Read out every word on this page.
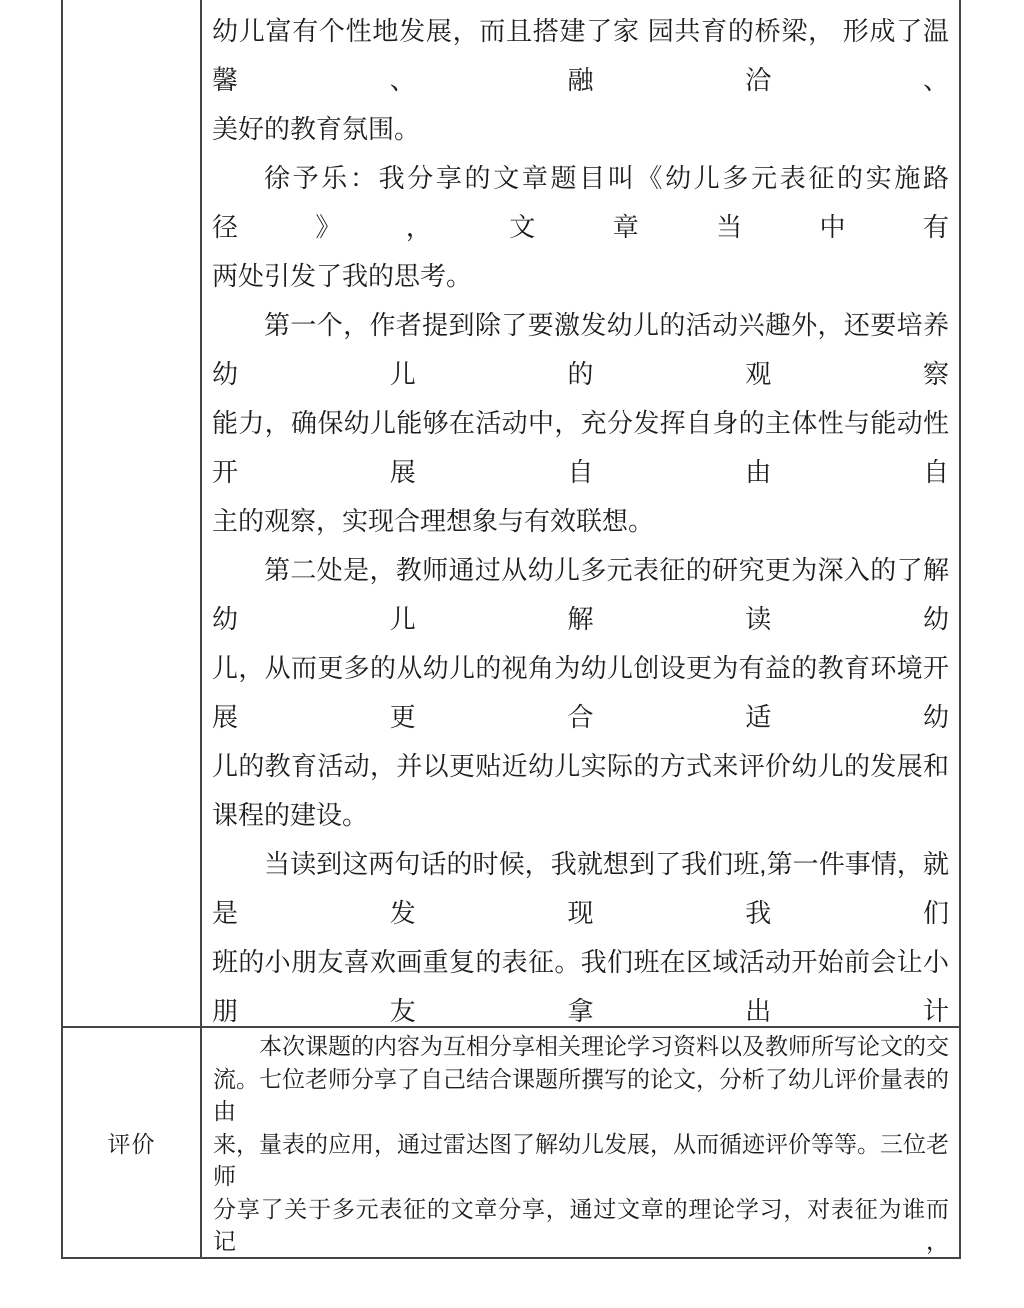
幼儿富有个性地发展，而且搭建了家 园共育的桥梁， 形成了温馨、融洽、
美好的教育氛围。
徐予乐：我分享的文章题目叫《幼儿多元表征的实施路径》，文章当中有
两处引发了我的思考。
第一个，作者提到除了要激发幼儿的活动兴趣外，还要培养幼儿的观察
能力，确保幼儿能够在活动中，充分发挥自身的主体性与能动性开展自由自
主的观察，实现合理想象与有效联想。
第二处是，教师通过从幼儿多元表征的研究更为深入的了解幼儿解读幼
儿，从而更多的从幼儿的视角为幼儿创设更为有益的教育环境开展更合适幼
儿的教育活动，并以更贴近幼儿实际的方式来评价幼儿的发展和课程的建设。
当读到这两句话的时候，我就想到了我们班,第一件事情，就是发现我们
班的小朋友喜欢画重复的表征。我们班在区域活动开始前会让小朋友拿出计
评价
本次课题的内容为互相分享相关理论学习资料以及教师所写论文的交
流。七位老师分享了自己结合课题所撰写的论文，分析了幼儿评价量表的由
来，量表的应用，通过雷达图了解幼儿发展，从而循迹评价等等。三位老师
分享了关于多元表征的文章分享，通过文章的理论学习，对表征为谁而记，
